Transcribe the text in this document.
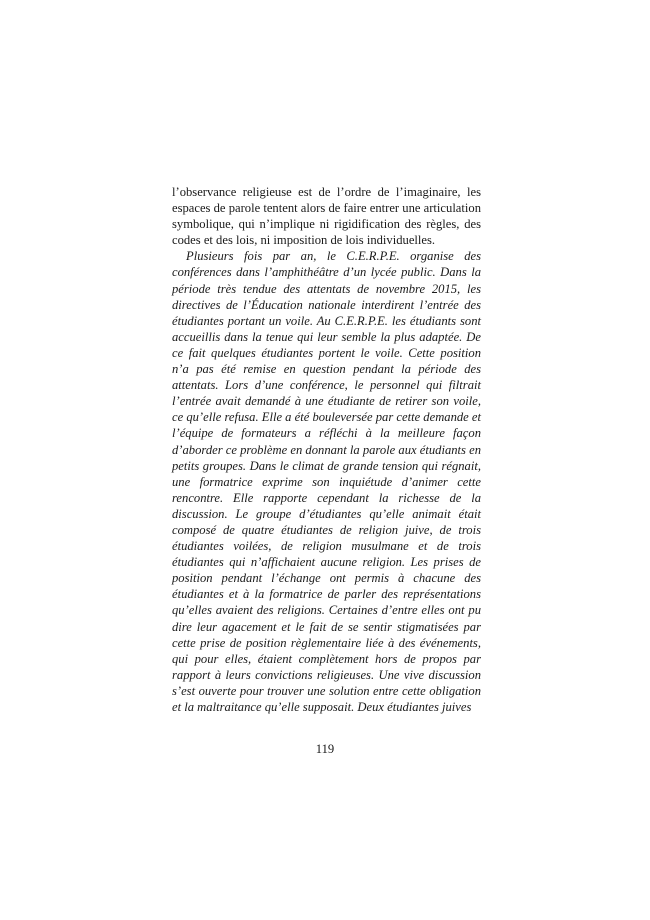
l’observance religieuse est de l’ordre de l’imaginaire, les espaces de parole tentent alors de faire entrer une articulation symbolique, qui n’implique ni rigidification des règles, des codes et des lois, ni imposition de lois individuelles.

Plusieurs fois par an, le C.E.R.P.E. organise des conférences dans l’amphithéâtre d’un lycée public. Dans la période très tendue des attentats de novembre 2015, les directives de l’Éducation nationale interdirent l’entrée des étudiantes portant un voile. Au C.E.R.P.E. les étudiants sont accueillis dans la tenue qui leur semble la plus adaptée. De ce fait quelques étudiantes portent le voile. Cette position n’a pas été remise en question pendant la période des attentats. Lors d’une conférence, le personnel qui filtrait l’entrée avait demandé à une étudiante de retirer son voile, ce qu’elle refusa. Elle a été bouleversée par cette demande et l’équipe de formateurs a réfléchi à la meilleure façon d’aborder ce problème en donnant la parole aux étudiants en petits groupes. Dans le climat de grande tension qui régnait, une formatrice exprime son inquiétude d’animer cette rencontre. Elle rapporte cependant la richesse de la discussion. Le groupe d’étudiantes qu’elle animait était composé de quatre étudiantes de religion juive, de trois étudiantes voilées, de religion musulmane et de trois étudiantes qui n’affichaient aucune religion. Les prises de position pendant l’échange ont permis à chacune des étudiantes et à la formatrice de parler des représentations qu’elles avaient des religions. Certaines d’entre elles ont pu dire leur agacement et le fait de se sentir stigmatisées par cette prise de position règlementaire liée à des événements, qui pour elles, étaient complètement hors de propos par rapport à leurs convictions religieuses. Une vive discussion s’est ouverte pour trouver une solution entre cette obligation et la maltraitance qu’elle supposait. Deux étudiantes juives

119
